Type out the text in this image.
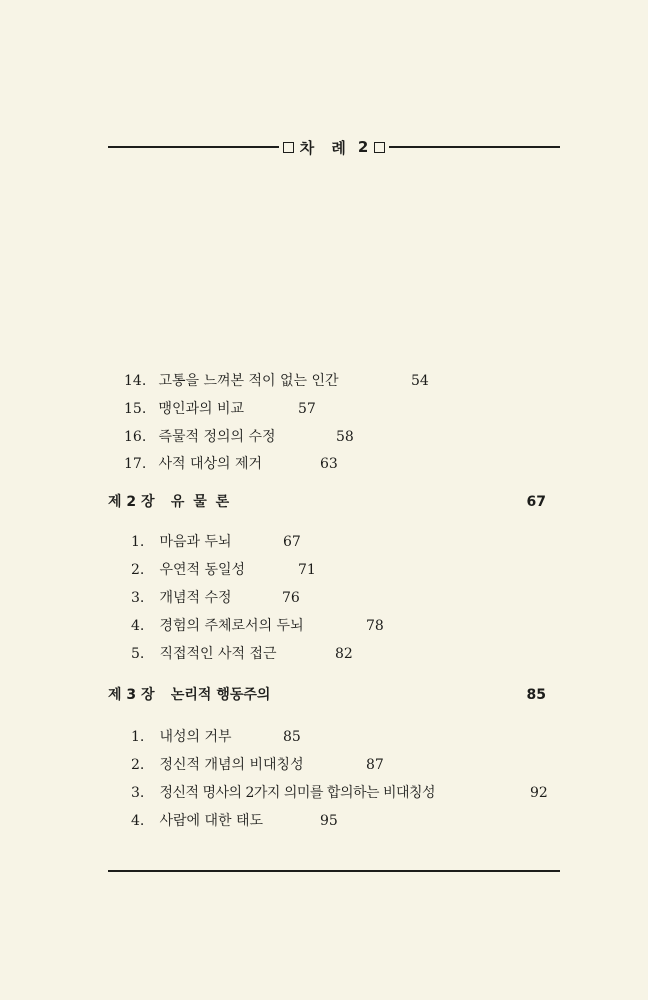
차 례 2
14. 고통을 느껴본 적이 없는 인간	54
15. 맹인과의 비교	57
16. 즉물적 정의의 수정	58
17. 사적 대상의 제거	63
제 2 장 유 물 론	67
1. 마음과 두뇌	67
2. 우연적 동일성	71
3. 개념적 수정	76
4. 경험의 주체로서의 두뇌	78
5. 직접적인 사적 접근	82
제 3 장 논리적 행동주의	85
1. 내성의 거부	85
2. 정신적 개념의 비대칭성	87
3. 정신적 명사의 2가지 의미를 합의하는 비대칭성	92
4. 사람에 대한 태도	95
